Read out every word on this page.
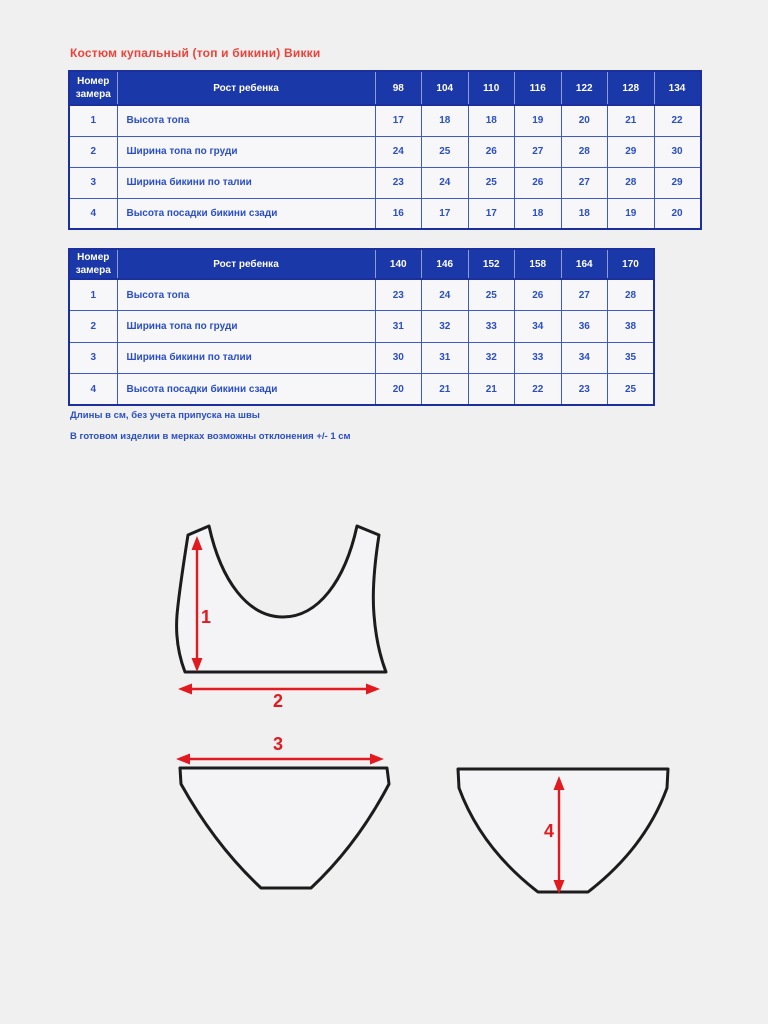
Костюм купальный (топ и бикини) Викки
Номер замера	Рост ребенка	98	104	110	116	122	128	134
1	Высота топа	17	18	18	19	20	21	22
2	Ширина топа по груди	24	25	26	27	28	29	30
3	Ширина бикини по талии	23	24	25	26	27	28	29
4	Высота посадки бикини сзади	16	17	17	18	18	19	20
Номер замера	Рост ребенка	140	146	152	158	164	170
1	Высота топа	23	24	25	26	27	28
2	Ширина топа по груди	31	32	33	34	36	38
3	Ширина бикини по талии	30	31	32	33	34	35
4	Высота посадки бикини сзади	20	21	21	22	23	25
Длины в см, без учета припуска на швы
В готовом изделии в мерках возможны отклонения +/- 1 см
1
2
3
4
